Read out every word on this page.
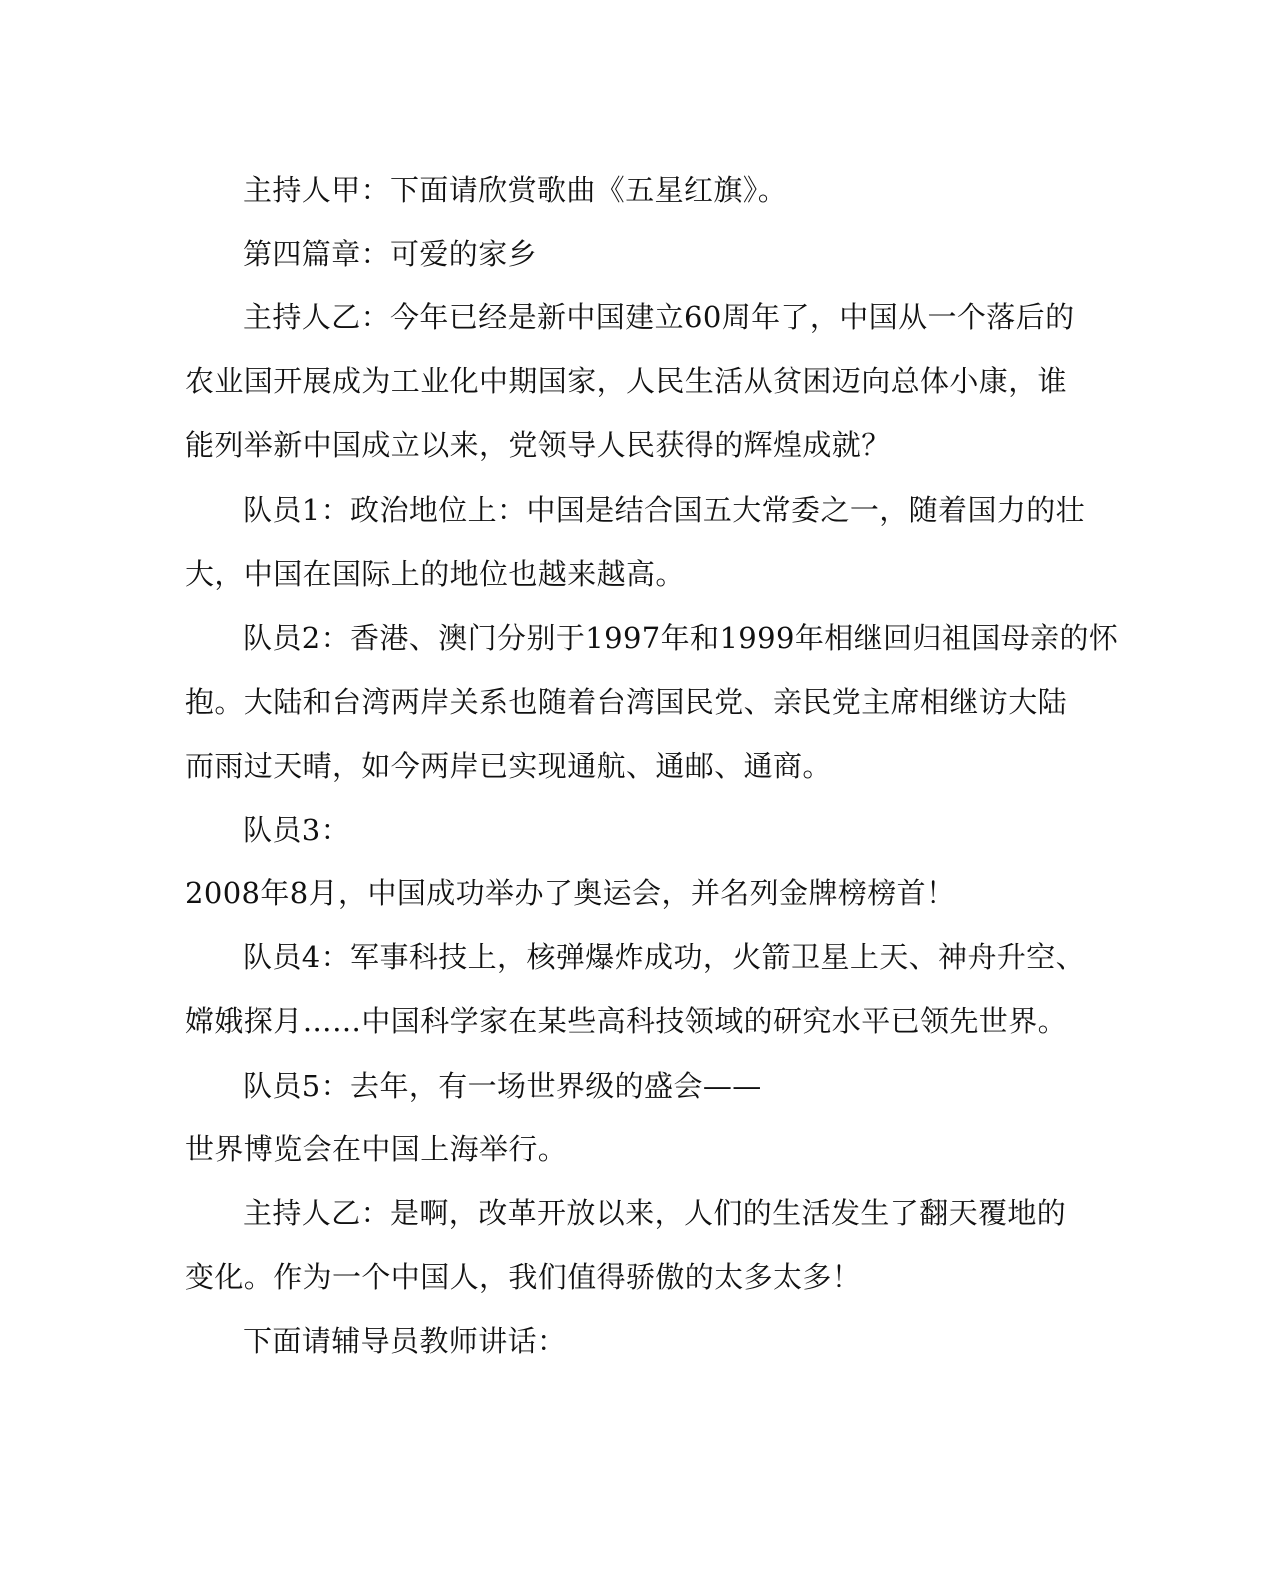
主持人甲：下面请欣赏歌曲《五星红旗》。
第四篇章：可爱的家乡
主持人乙：今年已经是新中国建立60周年了，中国从一个落后的
农业国开展成为工业化中期国家，人民生活从贫困迈向总体小康，谁
能列举新中国成立以来，党领导人民获得的辉煌成就？
队员1：政治地位上：中国是结合国五大常委之一，随着国力的壮
大，中国在国际上的地位也越来越高。
队员2：香港、澳门分别于1997年和1999年相继回归祖国母亲的怀
抱。大陆和台湾两岸关系也随着台湾国民党、亲民党主席相继访大陆
而雨过天晴，如今两岸已实现通航、通邮、通商。
队员3：
2008年8月，中国成功举办了奥运会，并名列金牌榜榜首！
队员4：军事科技上，核弹爆炸成功，火箭卫星上天、神舟升空、
嫦娥探月……中国科学家在某些高科技领域的研究水平已领先世界。
队员5：去年，有一场世界级的盛会——
世界博览会在中国上海举行。
主持人乙：是啊，改革开放以来，人们的生活发生了翻天覆地的
变化。作为一个中国人，我们值得骄傲的太多太多！
下面请辅导员教师讲话：
